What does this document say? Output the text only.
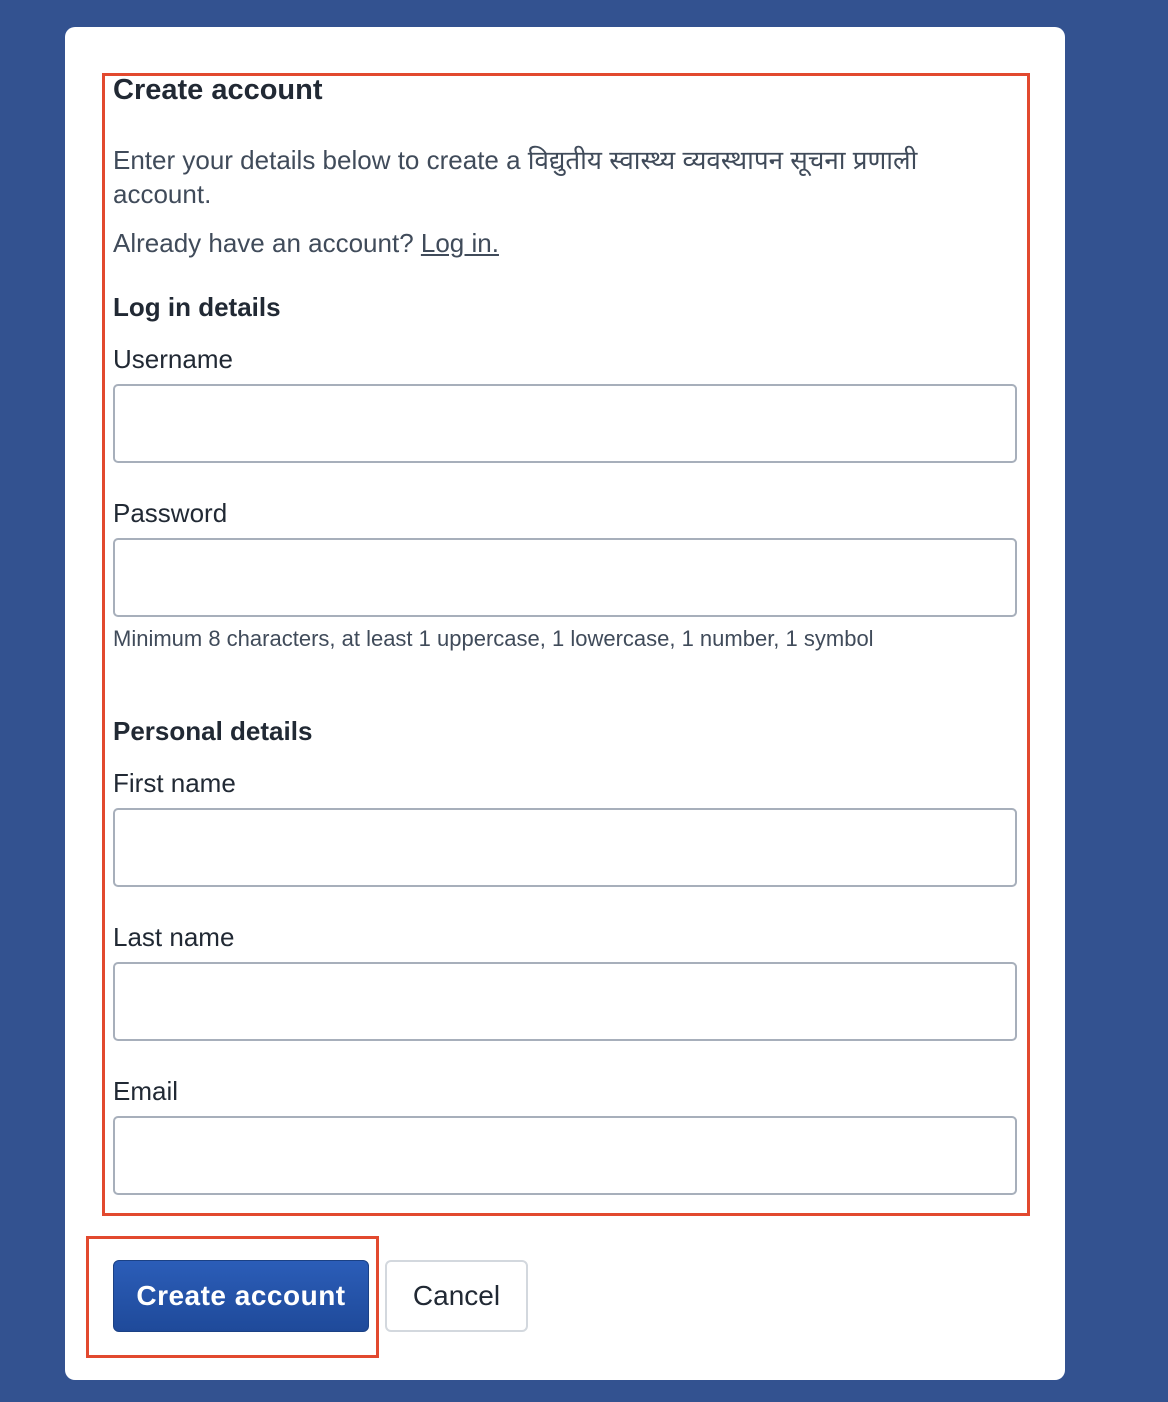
Create account

Enter your details below to create a विद्युतीय स्वास्थ्य व्यवस्थापन सूचना प्रणाली account.

Already have an account? Log in.

Log in details
Username
Password
Minimum 8 characters, at least 1 uppercase, 1 lowercase, 1 number, 1 symbol
Personal details
First name
Last name
Email
Create account	Cancel
